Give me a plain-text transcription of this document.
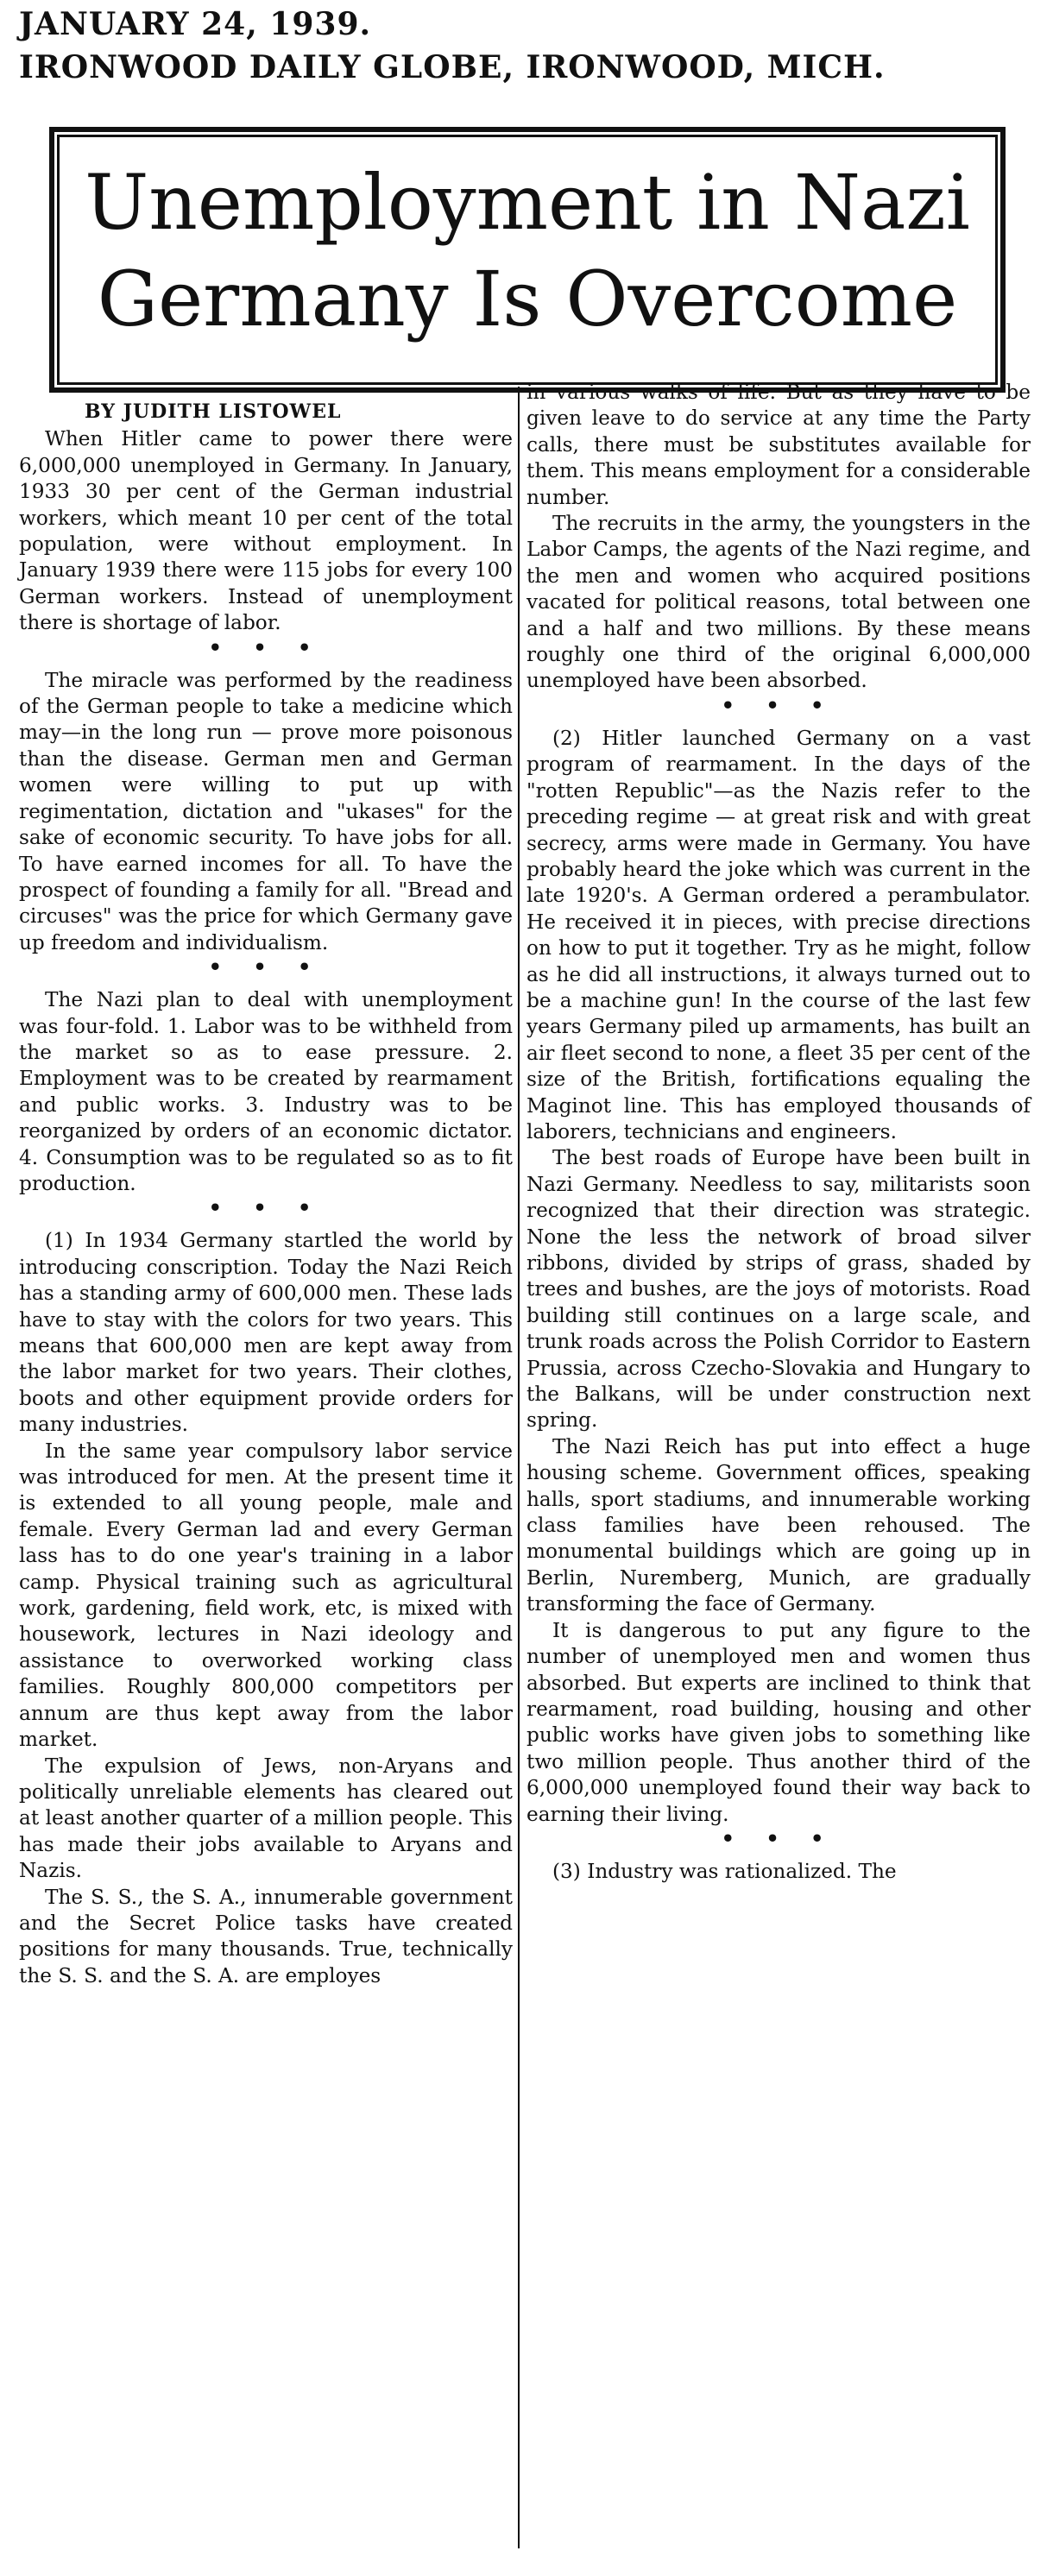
JANUARY 24, 1939.
IRONWOOD DAILY GLOBE, IRONWOOD, MICH.
Unemployment in Nazi
Germany Is Overcome
BY JUDITH LISTOWEL

When Hitler came to power there were 6,000,000 unemployed in Germany. In January, 1933 30 per cent of the German industrial workers, which meant 10 per cent of the total population, were without employment. In January 1939 there were 115 jobs for every 100 German workers. Instead of unemployment there is shortage of labor.

• • •

The miracle was performed by the readiness of the German people to take a medicine which may—in the long run — prove more poisonous than the disease. German men and German women were willing to put up with regimentation, dictation and "ukases" for the sake of economic security. To have jobs for all. To have earned incomes for all. To have the prospect of founding a family for all. "Bread and circuses" was the price for which Germany gave up freedom and individualism.

• • •

The Nazi plan to deal with unemployment was four-fold. 1. Labor was to be withheld from the market so as to ease pressure. 2. Employment was to be created by rearmament and public works. 3. Industry was to be reorganized by orders of an economic dictator. 4. Consumption was to be regulated so as to fit production.

• • •

(1) In 1934 Germany startled the world by introducing conscription. Today the Nazi Reich has a standing army of 600,000 men. These lads have to stay with the colors for two years. This means that 600,000 men are kept away from the labor market for two years. Their clothes, boots and other equipment provide orders for many industries.

In the same year compulsory labor service was introduced for men. At the present time it is extended to all young people, male and female. Every German lad and every German lass has to do one year's training in a labor camp. Physical training such as agricultural work, gardening, field work, etc, is mixed with housework, lectures in Nazi ideology and assistance to overworked working class families. Roughly 800,000 competitors per annum are thus kept away from the labor market.

The expulsion of Jews, non-Aryans and politically unreliable elements has cleared out at least another quarter of a million people. This has made their jobs available to Aryans and Nazis.

The S. S., the S. A., innumerable government and the Secret Police tasks have created positions for many thousands. True, technically the S. S. and the S. A. are employes

in various walks of life. But as they have to be given leave to do service at any time the Party calls, there must be substitutes available for them. This means employment for a considerable number.

The recruits in the army, the youngsters in the Labor Camps, the agents of the Nazi regime, and the men and women who acquired positions vacated for political reasons, total between one and a half and two millions. By these means roughly one third of the original 6,000,000 unemployed have been absorbed.

• • •

(2) Hitler launched Germany on a vast program of rearmament. In the days of the "rotten Republic"—as the Nazis refer to the preceding regime — at great risk and with great secrecy, arms were made in Germany. You have probably heard the joke which was current in the late 1920's. A German ordered a perambulator. He received it in pieces, with precise directions on how to put it together. Try as he might, follow as he did all instructions, it always turned out to be a machine gun! In the course of the last few years Germany piled up armaments, has built an air fleet second to none, a fleet 35 per cent of the size of the British, fortifications equaling the Maginot line. This has employed thousands of laborers, technicians and engineers.

The best roads of Europe have been built in Nazi Germany. Needless to say, militarists soon recognized that their direction was strategic. None the less the network of broad silver ribbons, divided by strips of grass, shaded by trees and bushes, are the joys of motorists. Road building still continues on a large scale, and trunk roads across the Polish Corridor to Eastern Prussia, across Czecho-Slovakia and Hungary to the Balkans, will be under construction next spring.

The Nazi Reich has put into effect a huge housing scheme. Government offices, speaking halls, sport stadiums, and innumerable working class families have been rehoused. The monumental buildings which are going up in Berlin, Nuremberg, Munich, are gradually transforming the face of Germany.

It is dangerous to put any figure to the number of unemployed men and women thus absorbed. But experts are inclined to think that rearmament, road building, housing and other public works have given jobs to something like two million people. Thus another third of the 6,000,000 unemployed found their way back to earning their living.

• • •

(3) Industry was rationalized. The
